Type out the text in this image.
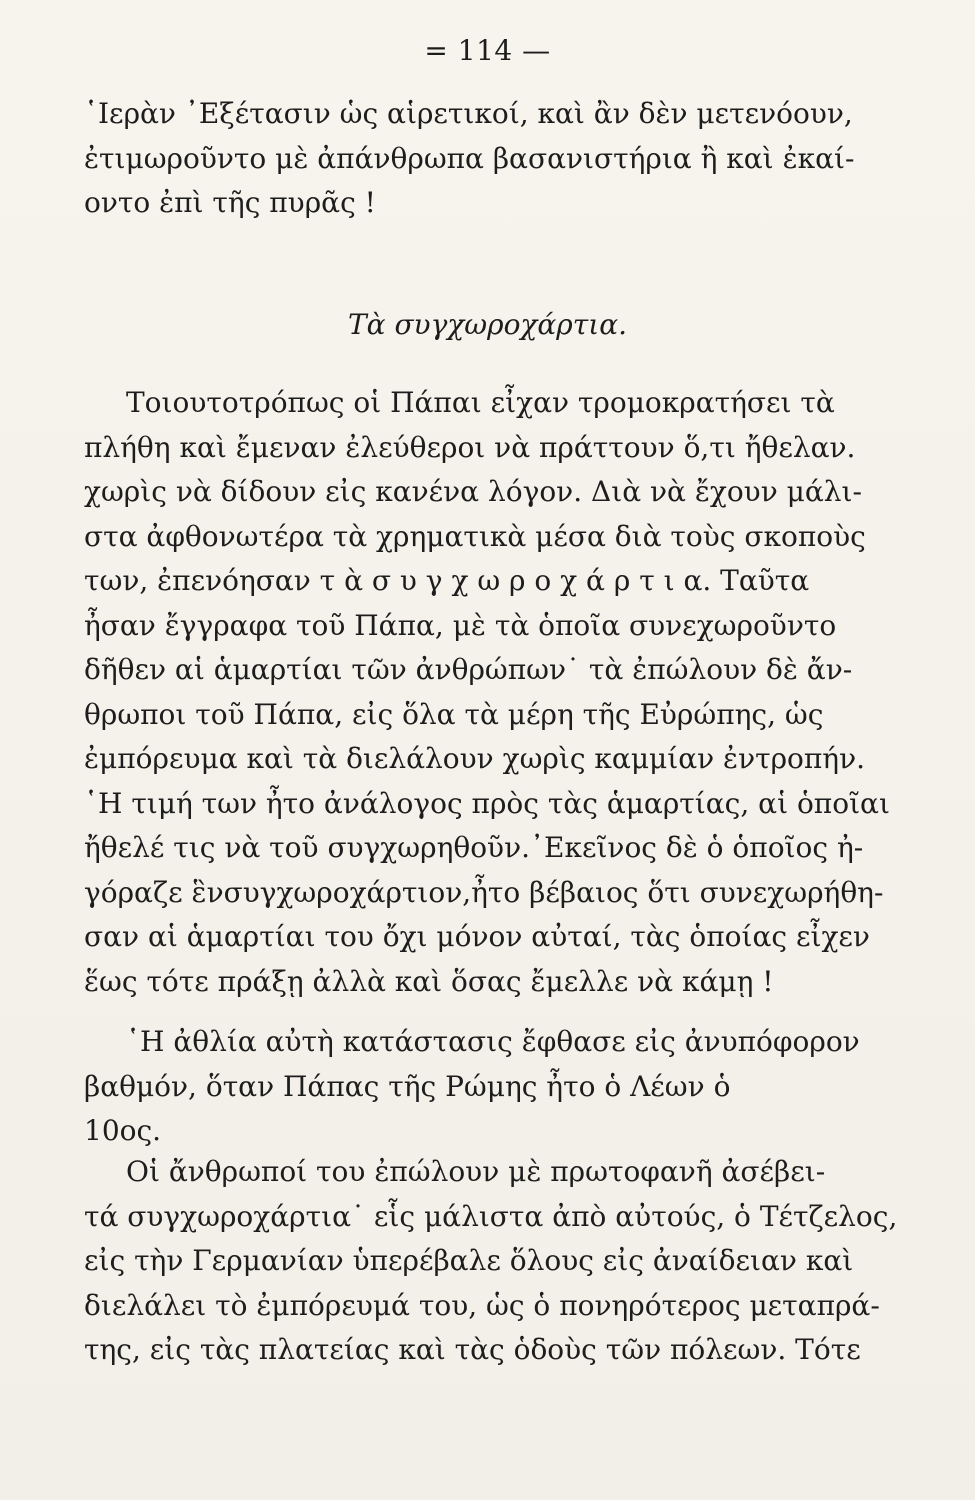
= 114 —
῾Ιερὰν ᾿Εξέτασιν ὡς αἱρετικοί, καὶ ἂν δὲν μετενόουν,
ἐτιμωροῦντο μὲ ἀπάνθρωπα βασανιστήρια ἢ καὶ ἐκαί-
οντο ἐπὶ τῆς πυρᾶς !
Τὰ συγχωροχάρτια.
Τοιουτοτρόπως οἱ Πάπαι εἶχαν τρομοκρατήσει τὰ
πλήθη καὶ ἔμεναν ἐλεύθεροι νὰ πράττουν ὅ,τι ἤθελαν.
χωρὶς νὰ δίδουν εἰς κανένα λόγον. Διὰ νὰ ἔχουν μάλι-
στα ἀφθονωτέρα τὰ χρηματικὰ μέσα διὰ τοὺς σκοποὺς
των, ἐπενόησαν τ ὰ σ υ γ χ ω ρ ο χ ά ρ τ ι α. Ταῦτα
ἦσαν ἔγγραφα τοῦ Πάπα, μὲ τὰ ὁποῖα συνεχωροῦντο
δῆθεν αἱ ἁμαρτίαι τῶν ἀνθρώπων˙ τὰ ἐπώλουν δὲ ἄν-
θρωποι τοῦ Πάπα, εἰς ὅλα τὰ μέρη τῆς Εὐρώπης, ὡς
ἐμπόρευμα καὶ τὰ διελάλουν χωρὶς καμμίαν ἐντροπήν.
῾Η τιμή των ἦτο ἀνάλογος πρὸς τὰς ἁμαρτίας, αἱ ὁποῖαι
ἤθελέ τις νὰ τοῦ συγχωρηθοῦν.᾿Εκεῖνος δὲ ὁ ὁποῖος ἠ-
γόραζε ἓνσυγχωροχάρτιον,ἦτο βέβαιος ὅτι συνεχωρήθη-
σαν αἱ ἁμαρτίαι του ὄχι μόνον αὐταί, τὰς ὁποίας εἶχεν
ἕως τότε πράξῃ ἀλλὰ καὶ ὅσας ἔμελλε νὰ κάμῃ !
῾Η ἀθλία αὐτὴ κατάστασις ἔφθασε εἰς ἀνυπόφορον
βαθμόν, ὅταν Πάπας τῆς Ρώμης ἦτο ὁ Λέων ὁ
10ος.
Οἱ ἄνθρωποί του ἐπώλουν μὲ πρωτοφανῆ ἀσέβει-
τά συγχωροχάρτια˙ εἷς μάλιστα ἀπὸ αὐτούς, ὁ Τέτζελος,
εἰς τὴν Γερμανίαν ὑπερέβαλε ὅλους εἰς ἀναίδειαν καὶ
διελάλει τὸ ἐμπόρευμά του, ὡς ὁ πονηρότερος μεταπρά-
της, εἰς τὰς πλατείας καὶ τὰς ὁδοὺς τῶν πόλεων. Τότε
